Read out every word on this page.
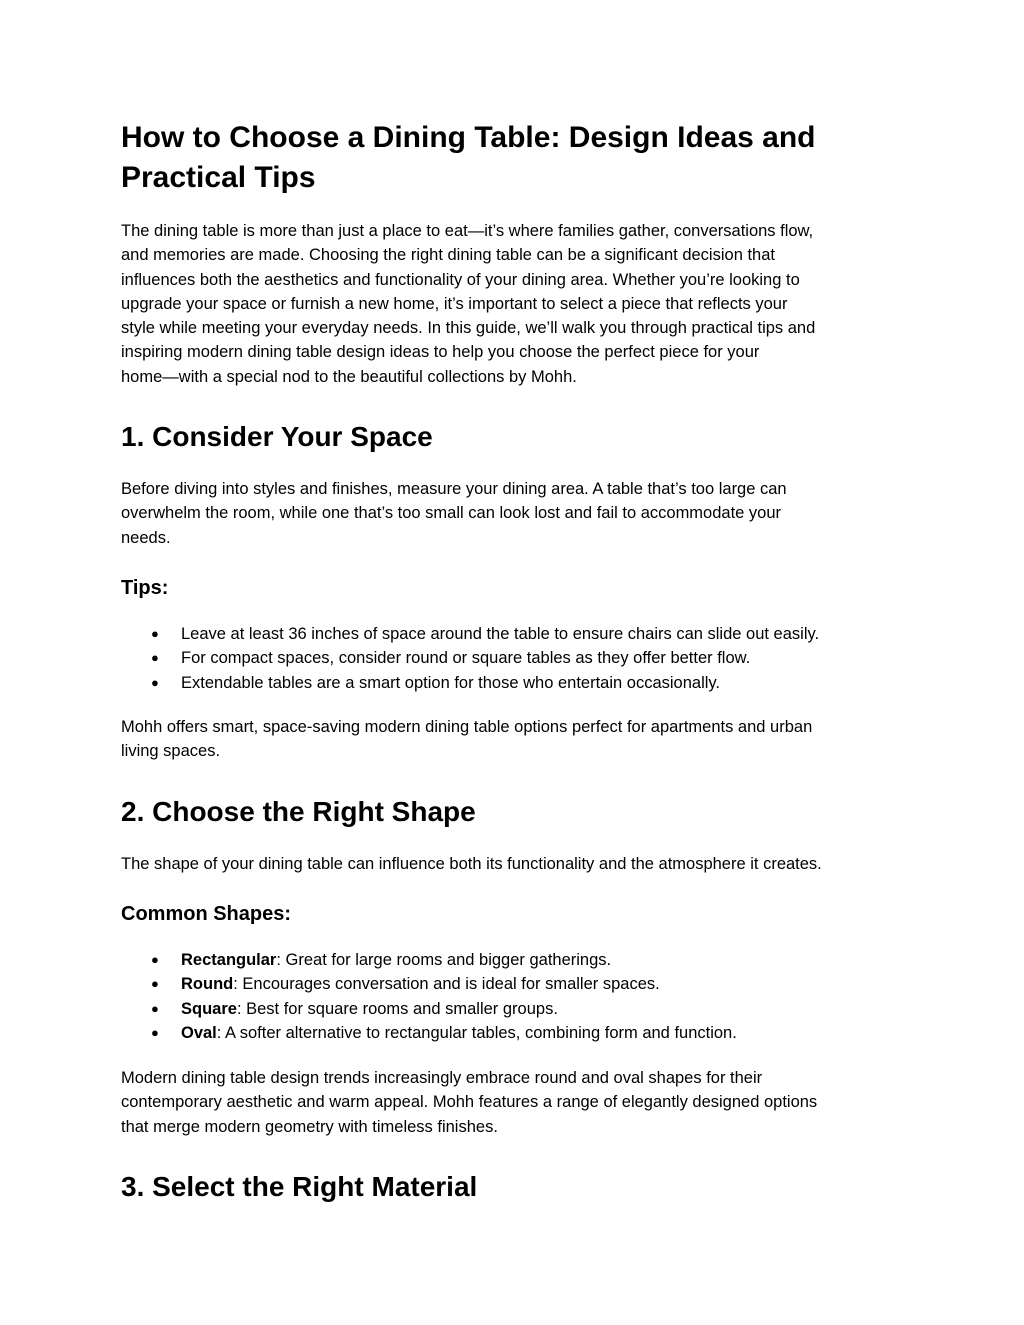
How to Choose a Dining Table: Design Ideas and
Practical Tips

The dining table is more than just a place to eat—it’s where families gather, conversations flow,
and memories are made. Choosing the right dining table can be a significant decision that
influences both the aesthetics and functionality of your dining area. Whether you’re looking to
upgrade your space or furnish a new home, it’s important to select a piece that reflects your
style while meeting your everyday needs. In this guide, we’ll walk you through practical tips and
inspiring modern dining table design ideas to help you choose the perfect piece for your
home—with a special nod to the beautiful collections by Mohh.

1. Consider Your Space

Before diving into styles and finishes, measure your dining area. A table that’s too large can
overwhelm the room, while one that’s too small can look lost and fail to accommodate your
needs.

Tips:
● Leave at least 36 inches of space around the table to ensure chairs can slide out easily.
● For compact spaces, consider round or square tables as they offer better flow.
● Extendable tables are a smart option for those who entertain occasionally.

Mohh offers smart, space-saving modern dining table options perfect for apartments and urban
living spaces.

2. Choose the Right Shape

The shape of your dining table can influence both its functionality and the atmosphere it creates.

Common Shapes:
● Rectangular: Great for large rooms and bigger gatherings.
● Round: Encourages conversation and is ideal for smaller spaces.
● Square: Best for square rooms and smaller groups.
● Oval: A softer alternative to rectangular tables, combining form and function.

Modern dining table design trends increasingly embrace round and oval shapes for their
contemporary aesthetic and warm appeal. Mohh features a range of elegantly designed options
that merge modern geometry with timeless finishes.

3. Select the Right Material
